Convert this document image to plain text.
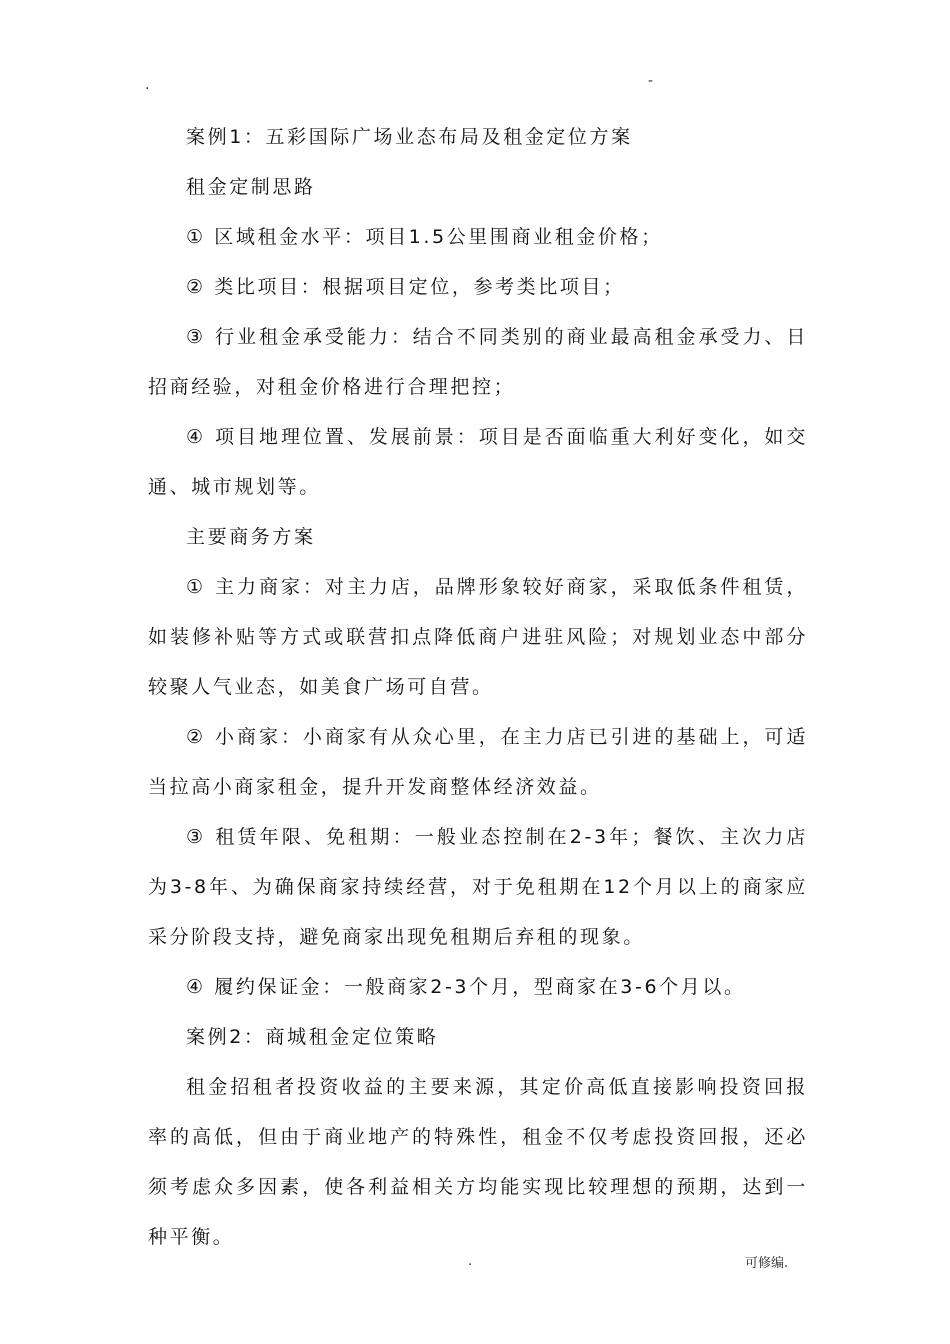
.	-
案例1：五彩国际广场业态布局及租金定位方案
租金定制思路
① 区域租金水平：项目1.5公里围商业租金价格；
② 类比项目：根据项目定位，参考类比项目；
③ 行业租金承受能力：结合不同类别的商业最高租金承受力、日招商经验，对租金价格进行合理把控；
④ 项目地理位置、发展前景：项目是否面临重大利好变化，如交通、城市规划等。
主要商务方案
① 主力商家：对主力店，品牌形象较好商家，采取低条件租赁，如装修补贴等方式或联营扣点降低商户进驻风险；对规划业态中部分较聚人气业态，如美食广场可自营。
② 小商家：小商家有从众心里，在主力店已引进的基础上，可适当拉高小商家租金，提升开发商整体经济效益。
③ 租赁年限、免租期：一般业态控制在2-3年；餐饮、主次力店为3-8年、为确保商家持续经营，对于免租期在12个月以上的商家应采分阶段支持，避免商家出现免租期后弃租的现象。
④ 履约保证金：一般商家2-3个月，型商家在3-6个月以。
案例2：商城租金定位策略
租金招租者投资收益的主要来源，其定价高低直接影响投资回报率的高低，但由于商业地产的特殊性，租金不仅考虑投资回报，还必须考虑众多因素，使各利益相关方均能实现比较理想的预期，达到一种平衡。
.	可修编.
